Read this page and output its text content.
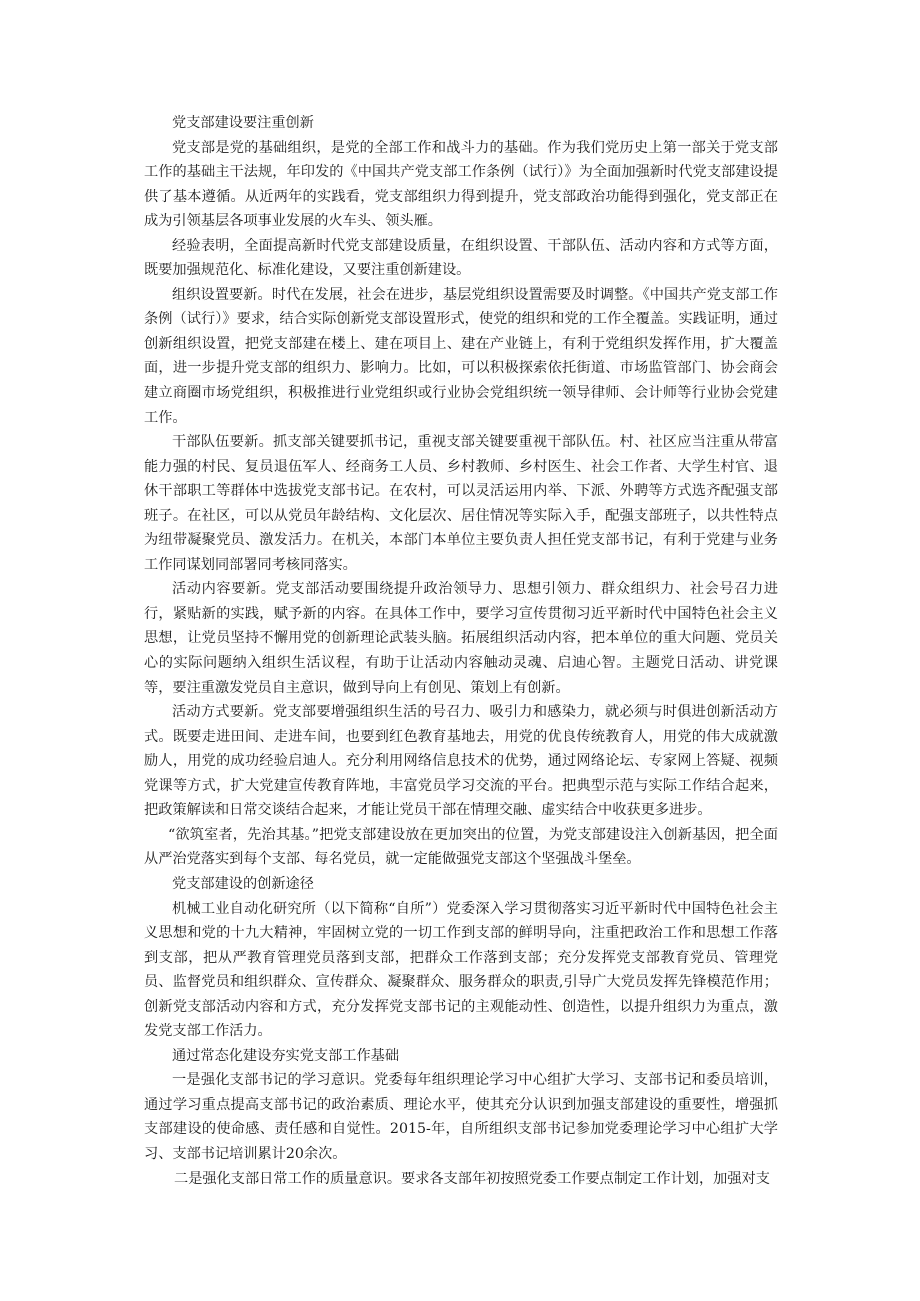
党支部建设要注重创新

党支部是党的基础组织，是党的全部工作和战斗力的基础。作为我们党历史上第一部关于党支部工作的基础主干法规，年印发的《中国共产党支部工作条例（试行）》为全面加强新时代党支部建设提供了基本遵循。从近两年的实践看，党支部组织力得到提升，党支部政治功能得到强化，党支部正在成为引领基层各项事业发展的火车头、领头雁。

经验表明，全面提高新时代党支部建设质量，在组织设置、干部队伍、活动内容和方式等方面，既要加强规范化、标准化建设，又要注重创新建设。

组织设置要新。时代在发展，社会在进步，基层党组织设置需要及时调整。《中国共产党支部工作条例（试行）》要求，结合实际创新党支部设置形式，使党的组织和党的工作全覆盖。实践证明，通过创新组织设置，把党支部建在楼上、建在项目上、建在产业链上，有利于党组织发挥作用，扩大覆盖面，进一步提升党支部的组织力、影响力。比如，可以积极探索依托街道、市场监管部门、协会商会建立商圈市场党组织，积极推进行业党组织或行业协会党组织统一领导律师、会计师等行业协会党建工作。

干部队伍要新。抓支部关键要抓书记，重视支部关键要重视干部队伍。村、社区应当注重从带富能力强的村民、复员退伍军人、经商务工人员、乡村教师、乡村医生、社会工作者、大学生村官、退休干部职工等群体中选拔党支部书记。在农村，可以灵活运用内举、下派、外聘等方式选齐配强支部班子。在社区，可以从党员年龄结构、文化层次、居住情况等实际入手，配强支部班子，以共性特点为纽带凝聚党员、激发活力。在机关，本部门本单位主要负责人担任党支部书记，有利于党建与业务工作同谋划同部署同考核同落实。

活动内容要新。党支部活动要围绕提升政治领导力、思想引领力、群众组织力、社会号召力进行，紧贴新的实践，赋予新的内容。在具体工作中，要学习宣传贯彻习近平新时代中国特色社会主义思想，让党员坚持不懈用党的创新理论武装头脑。拓展组织活动内容，把本单位的重大问题、党员关心的实际问题纳入组织生活议程，有助于让活动内容触动灵魂、启迪心智。主题党日活动、讲党课等，要注重激发党员自主意识，做到导向上有创见、策划上有创新。

活动方式要新。党支部要增强组织生活的号召力、吸引力和感染力，就必须与时俱进创新活动方式。既要走进田间、走进车间，也要到红色教育基地去，用党的优良传统教育人，用党的伟大成就激励人，用党的成功经验启迪人。充分利用网络信息技术的优势，通过网络论坛、专家网上答疑、视频党课等方式，扩大党建宣传教育阵地，丰富党员学习交流的平台。把典型示范与实际工作结合起来，把政策解读和日常交谈结合起来，才能让党员干部在情理交融、虚实结合中收获更多进步。

“欲筑室者，先治其基。”把党支部建设放在更加突出的位置，为党支部建设注入创新基因，把全面从严治党落实到每个支部、每名党员，就一定能做强党支部这个坚强战斗堡垒。

党支部建设的创新途径

机械工业自动化研究所（以下简称“自所”）党委深入学习贯彻落实习近平新时代中国特色社会主义思想和党的十九大精神，牢固树立党的一切工作到支部的鲜明导向，注重把政治工作和思想工作落到支部，把从严教育管理党员落到支部，把群众工作落到支部；充分发挥党支部教育党员、管理党员、监督党员和组织群众、宣传群众、凝聚群众、服务群众的职责,引导广大党员发挥先锋模范作用；创新党支部活动内容和方式，充分发挥党支部书记的主观能动性、创造性，以提升组织力为重点，激发党支部工作活力。

通过常态化建设夯实党支部工作基础

一是强化支部书记的学习意识。党委每年组织理论学习中心组扩大学习、支部书记和委员培训，通过学习重点提高支部书记的政治素质、理论水平，使其充分认识到加强支部建设的重要性，增强抓支部建设的使命感、责任感和自觉性。2015-年，自所组织支部书记参加党委理论学习中心组扩大学习、支部书记培训累计20余次。

二是强化支部日常工作的质量意识。要求各支部年初按照党委工作要点制定工作计划，加强对支
